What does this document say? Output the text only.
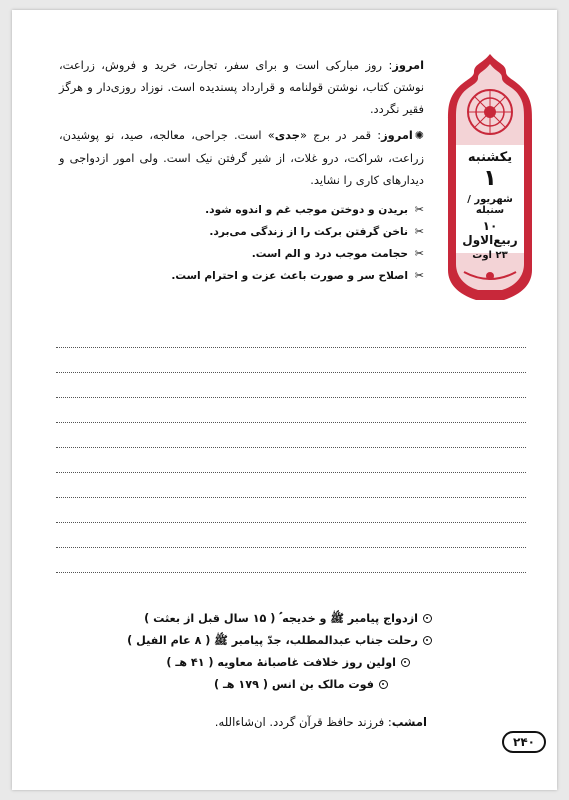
یکشنبه
۱
شهریور / سنبله
۱۰ ربیع‌الاول
۲۳ اوت

امروز: روز مبارکی است و برای سفر، تجارت، خرید و فروش، زراعت، نوشتن کتاب، نوشتن قولنامه و قرارداد پسندیده است. نوزاد روزی‌دار و هرگز فقیر نگردد.

✺امروز: قمر در برج «جدی» است. جراحی، معالجه، صید، نو پوشیدن، زراعت، شراکت، درو غلات، از شیر گرفتن نیک است. ولی امور ازدواجی و دیدارهای کاری را نشاید.

✂بریدن و دوختن موجب غم و اندوه شود.
✂ناخن گرفتن برکت را از زندگی می‌برد.
✂حجامت موجب درد و الم است.
✂اصلاح سر و صورت باعث عزت و احترام است.
ازدواج پیامبر ﷺ و خدیجه ؑ ( ۱۵ سال قبل از بعثت )
رحلت جناب عبدالمطلب، جدّ پیامبر ﷺ ( ۸ عام الفیل )
اولین روز خلافت غاصبانهٔ معاویه ( ۴۱ هـ )
فوت مالک بن انس ( ۱۷۹ هـ )
امشب: فرزند حافظ قرآن گردد. ان‌شاءالله.
۲۴۰
